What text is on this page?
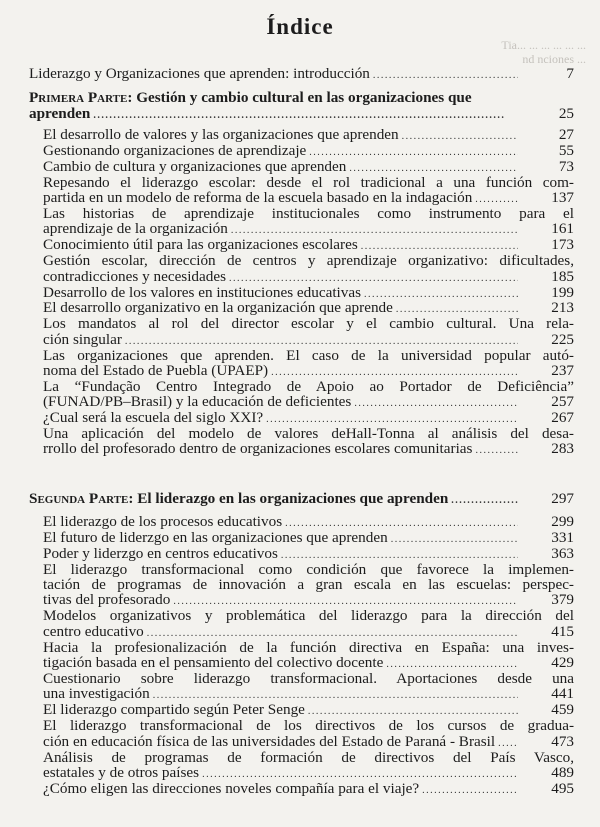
Índice
Tia... ... ... ... ... ...
nd nciones ...
Liderazgo y Organizaciones que aprenden: introducción . . .	7
Primera Parte: Gestión y cambio cultural en las organizaciones que
aprenden . . .	25
El desarrollo de valores y las organizaciones que aprenden . . .	27
Gestionando organizaciones de aprendizaje . . .	55
Cambio de cultura y organizaciones que aprenden . . .	73
Repesando el liderazgo escolar: desde el rol tradicional a una función com-
partida en un modelo de reforma de la escuela basado en la indagación . . .	137
Las historias de aprendizaje institucionales como instrumento para el
aprendizaje de la organización . . .	161
Conocimiento útil para las organizaciones escolares . . .	173
Gestión escolar, dirección de centros y aprendizaje organizativo: dificultades,
contradicciones y necesidades . . .	185
Desarrollo de los valores en instituciones educativas . . .	199
El desarrollo organizativo en la organización que aprende . . .	213
Los mandatos al rol del director escolar y el cambio cultural. Una rela-
ción singular . . .	225
Las organizaciones que aprenden. El caso de la universidad popular autó-
noma del Estado de Puebla (UPAEP) . . .	237
La “Fundação Centro Integrado de Apoio ao Portador de Deficiência”
(FUNAD/PB–Brasil) y la educación de deficientes . . .	257
¿Cual será la escuela del siglo XXI? . . .	267
Una aplicación del modelo de valores deHall-Tonna al análisis del desa-
rrollo del profesorado dentro de organizaciones escolares comunitarias . . .	283
Segunda Parte: El liderazgo en las organizaciones que aprenden . . .	297
El liderazgo de los procesos educativos . . .	299
El futuro de liderzgo en las organizaciones que aprenden . . .	331
Poder y liderzgo en centros educativos . . .	363
El liderazgo transformacional como condición que favorece la implemen-
tación de programas de innovación a gran escala en las escuelas: perspec-
tivas del profesorado . . .	379
Modelos organizativos y problemática del liderazgo para la dirección del
centro educativo . . .	415
Hacia la profesionalización de la función directiva en España: una inves-
tigación basada en el pensamiento del colectivo docente . . .	429
Cuestionario sobre liderazgo transformacional. Aportaciones desde una
una investigación . . .	441
El liderazgo compartido según Peter Senge . . .	459
El liderazgo transformacional de los directivos de los cursos de gradua-
ción en educación física de las universidades del Estado de Paraná - Brasil . . .	473
Análisis de programas de formación de directivos del País Vasco,
estatales y de otros países . . .	489
¿Cómo eligen las direcciones noveles compañía para el viaje? . . .	495
